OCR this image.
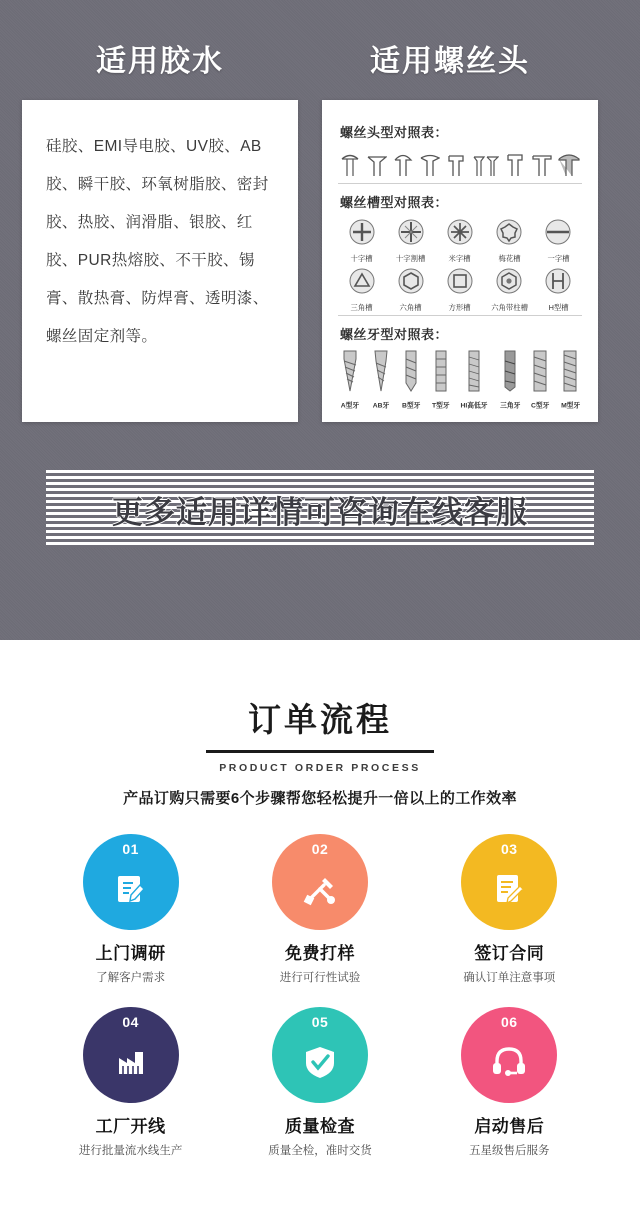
适用胶水	适用螺丝头
硅胶、EMI导电胶、UV胶、AB胶、瞬干胶、环氧树脂胶、密封胶、热胶、润滑脂、银胶、红胶、PUR热熔胶、不干胶、锡膏、散热膏、防焊膏、透明漆、螺丝固定剂等。
螺丝头型对照表：
螺丝槽型对照表：
十字槽	十字割槽	米字槽	梅花槽	一字槽
三角槽	六角槽	方形槽	六角带柱槽	H型槽
螺丝牙型对照表：
A型牙 AB牙 B型牙 T型牙 HI高低牙 三角牙 C型牙 M型牙
更多适用详情可咨询在线客服
订单流程
PRODUCT ORDER PROCESS
产品订购只需要6个步骤帮您轻松提升一倍以上的工作效率
01
上门调研
了解客户需求
02
免费打样
进行可行性试验
03
签订合同
确认订单注意事项
04
工厂开线
进行批量流水线生产
05
质量检查
质量全检，准时交货
06
启动售后
五星级售后服务
